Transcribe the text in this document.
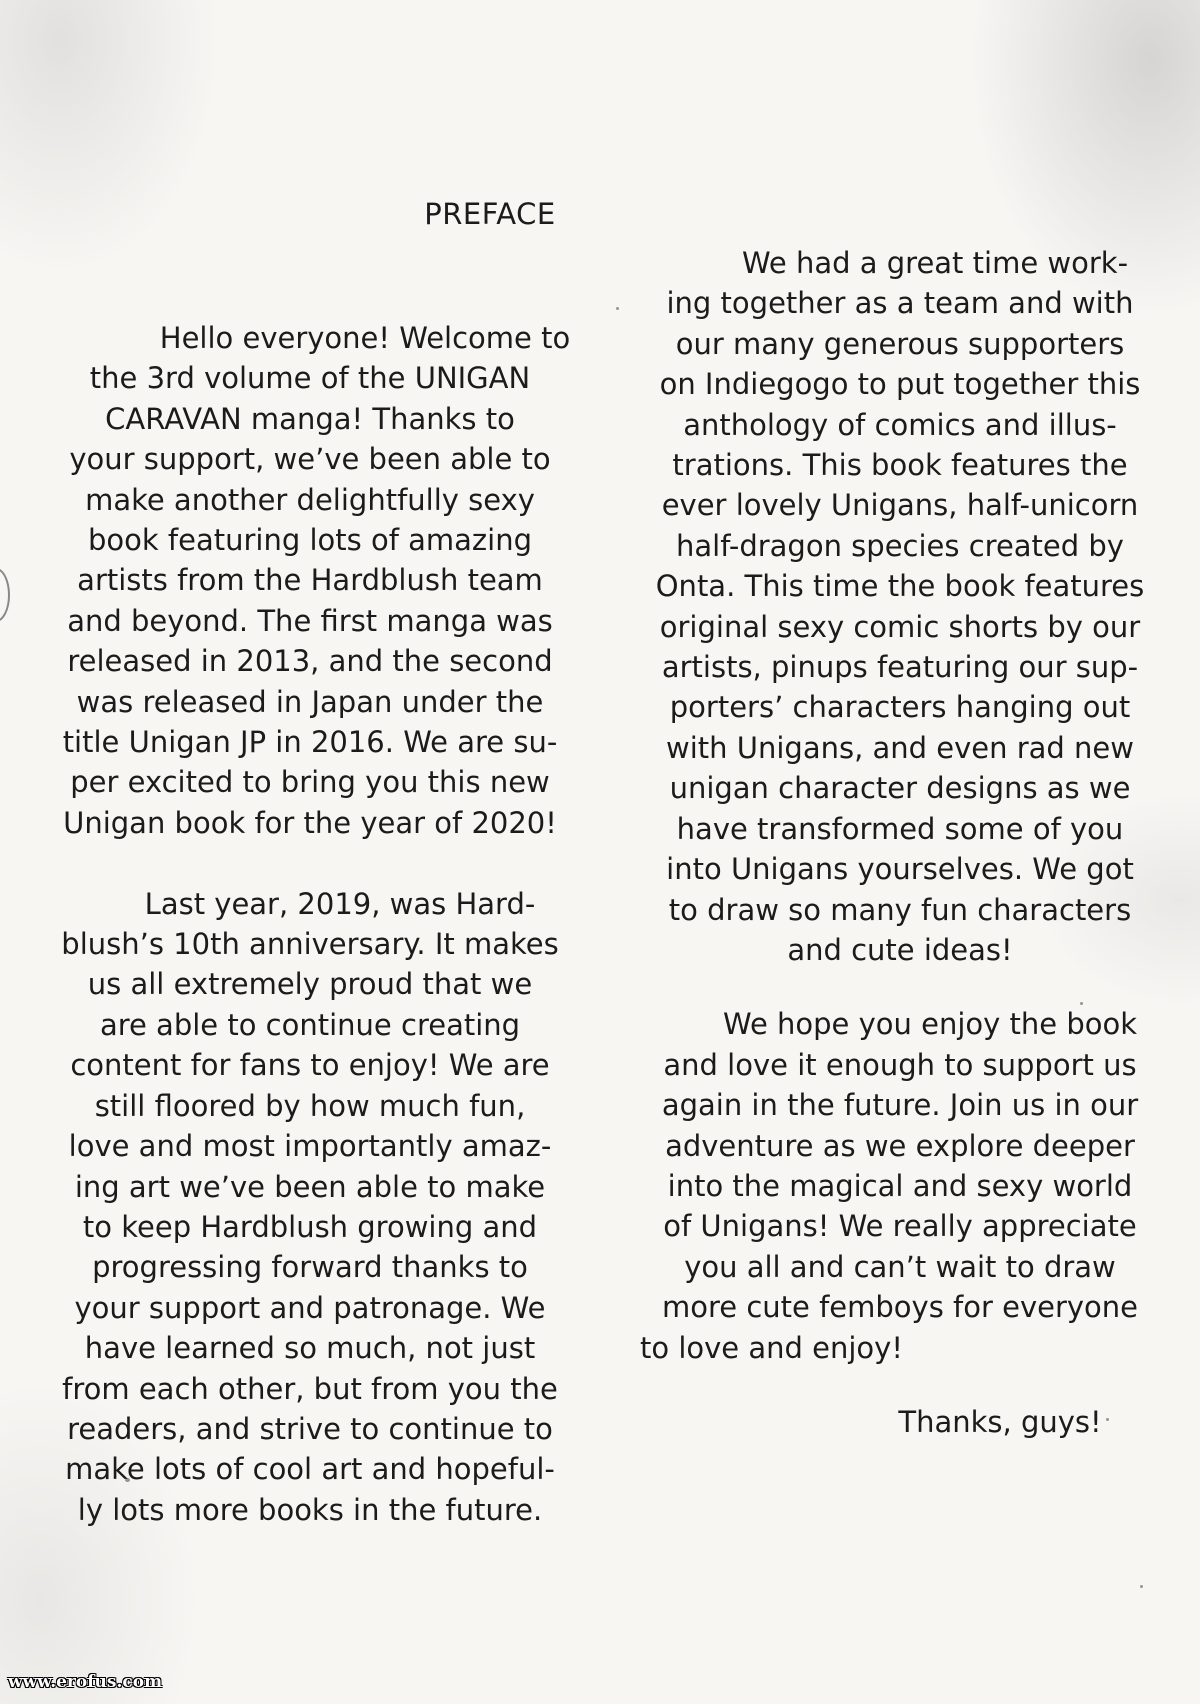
PREFACE
Hello everyone! Welcome to
the 3rd volume of the UNIGAN
CARAVAN manga! Thanks to
your support, we’ve been able to
make another delightfully sexy
book featuring lots of amazing
artists from the Hardblush team
and beyond. The first manga was
released in 2013, and the second
was released in Japan under the
title Unigan JP in 2016. We are su-
per excited to bring you this new
Unigan book for the year of 2020!
Last year, 2019, was Hard-
blush’s 10th anniversary. It makes
us all extremely proud that we
are able to continue creating
content for fans to enjoy! We are
still floored by how much fun,
love and most importantly amaz-
ing art we’ve been able to make
to keep Hardblush growing and
progressing forward thanks to
your support and patronage. We
have learned so much, not just
from each other, but from you the
readers, and strive to continue to
make lots of cool art and hopeful-
ly lots more books in the future.
We had a great time work-
ing together as a team and with
our many generous supporters
on Indiegogo to put together this
anthology of comics and illus-
trations. This book features the
ever lovely Unigans, half-unicorn
half-dragon species created by
Onta. This time the book features
original sexy comic shorts by our
artists, pinups featuring our sup-
porters’ characters hanging out
with Unigans, and even rad new
unigan character designs as we
have transformed some of you
into Unigans yourselves. We got
to draw so many fun characters
and cute ideas!
We hope you enjoy the book
and love it enough to support us
again in the future. Join us in our
adventure as we explore deeper
into the magical and sexy world
of Unigans! We really appreciate
you all and can’t wait to draw
more cute femboys for everyone
to love and enjoy!
Thanks, guys!
www.erofus.com
